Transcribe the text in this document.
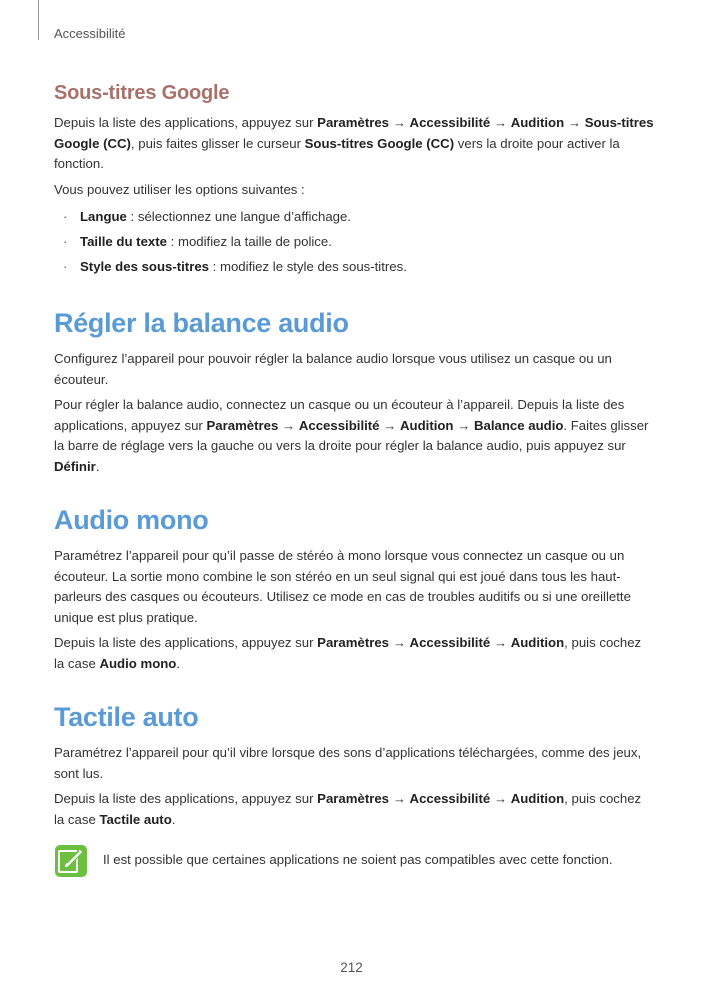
Accessibilité
Sous-titres Google

Depuis la liste des applications, appuyez sur Paramètres → Accessibilité → Audition → Sous-titres Google (CC), puis faites glisser le curseur Sous-titres Google (CC) vers la droite pour activer la fonction.

Vous pouvez utiliser les options suivantes :

· Langue : sélectionnez une langue d’affichage.
· Taille du texte : modifiez la taille de police.
· Style des sous-titres : modifiez le style des sous-titres.
Régler la balance audio

Configurez l’appareil pour pouvoir régler la balance audio lorsque vous utilisez un casque ou un écouteur.

Pour régler la balance audio, connectez un casque ou un écouteur à l’appareil. Depuis la liste des applications, appuyez sur Paramètres → Accessibilité → Audition → Balance audio. Faites glisser la barre de réglage vers la gauche ou vers la droite pour régler la balance audio, puis appuyez sur Définir.

Audio mono

Paramétrez l’appareil pour qu’il passe de stéréo à mono lorsque vous connectez un casque ou un écouteur. La sortie mono combine le son stéréo en un seul signal qui est joué dans tous les haut-parleurs des casques ou écouteurs. Utilisez ce mode en cas de troubles auditifs ou si une oreillette unique est plus pratique.

Depuis la liste des applications, appuyez sur Paramètres → Accessibilité → Audition, puis cochez la case Audio mono.

Tactile auto

Paramétrez l’appareil pour qu’il vibre lorsque des sons d’applications téléchargées, comme des jeux, sont lus.

Depuis la liste des applications, appuyez sur Paramètres → Accessibilité → Audition, puis cochez la case Tactile auto.

Il est possible que certaines applications ne soient pas compatibles avec cette fonction.
212
